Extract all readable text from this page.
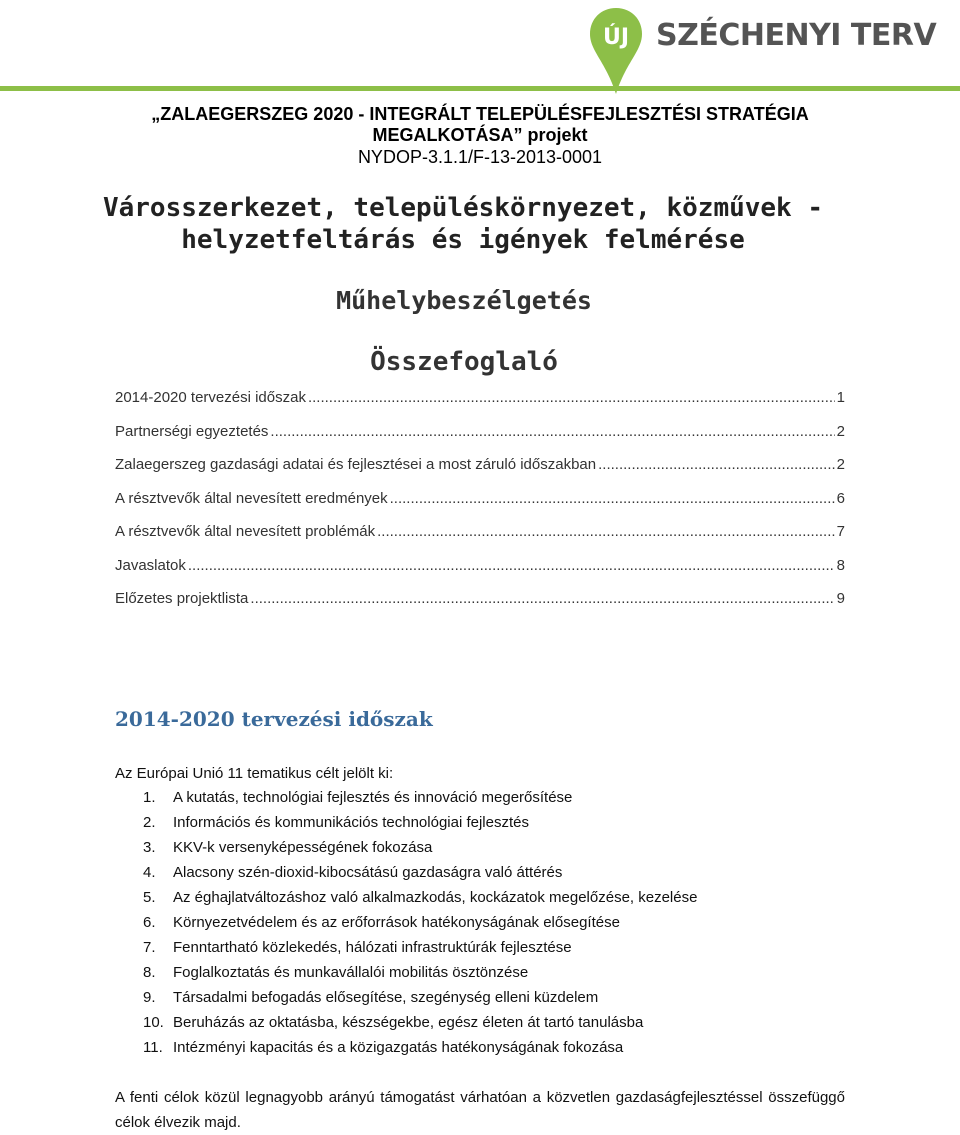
ÚJ SZÉCHENYI TERV
„ZALAEGERSZEG 2020 - INTEGRÁLT TELEPÜLÉSFEJLESZTÉSI STRATÉGIA
MEGALKOTÁSA” projekt
NYDOP-3.1.1/F-13-2013-0001
Városszerkezet, településkörnyezet, közművek -
helyzetfeltárás és igények felmérése
Műhelybeszélgetés
Összefoglaló
2014-2020 tervezési időszak .....	1
Partnerségi egyeztetés .....	2
Zalaegerszeg gazdasági adatai és fejlesztései a most záruló időszakban .....	2
A résztvevők által nevesített eredmények .....	6
A résztvevők által nevesített problémák .....	7
Javaslatok .....	8
Előzetes projektlista .....	9
2014-2020 tervezési időszak
Az Európai Unió 11 tematikus célt jelölt ki:
1.	A kutatás, technológiai fejlesztés és innováció megerősítése
2.	Információs és kommunikációs technológiai fejlesztés
3.	KKV-k versenyképességének fokozása
4.	Alacsony szén-dioxid-kibocsátású gazdaságra való áttérés
5.	Az éghajlatváltozáshoz való alkalmazkodás, kockázatok megelőzése, kezelése
6.	Környezetvédelem és az erőforrások hatékonyságának elősegítése
7.	Fenntartható közlekedés, hálózati infrastruktúrák fejlesztése
8.	Foglalkoztatás és munkavállalói mobilitás ösztönzése
9.	Társadalmi befogadás elősegítése, szegénység elleni küzdelem
10. Beruházás az oktatásba, készségekbe, egész életen át tartó tanulásba
11. Intézményi kapacitás és a közigazgatás hatékonyságának fokozása
A fenti célok közül legnagyobb arányú támogatást várhatóan a közvetlen gazdaságfejlesztéssel összefüggő célok élvezik majd.
